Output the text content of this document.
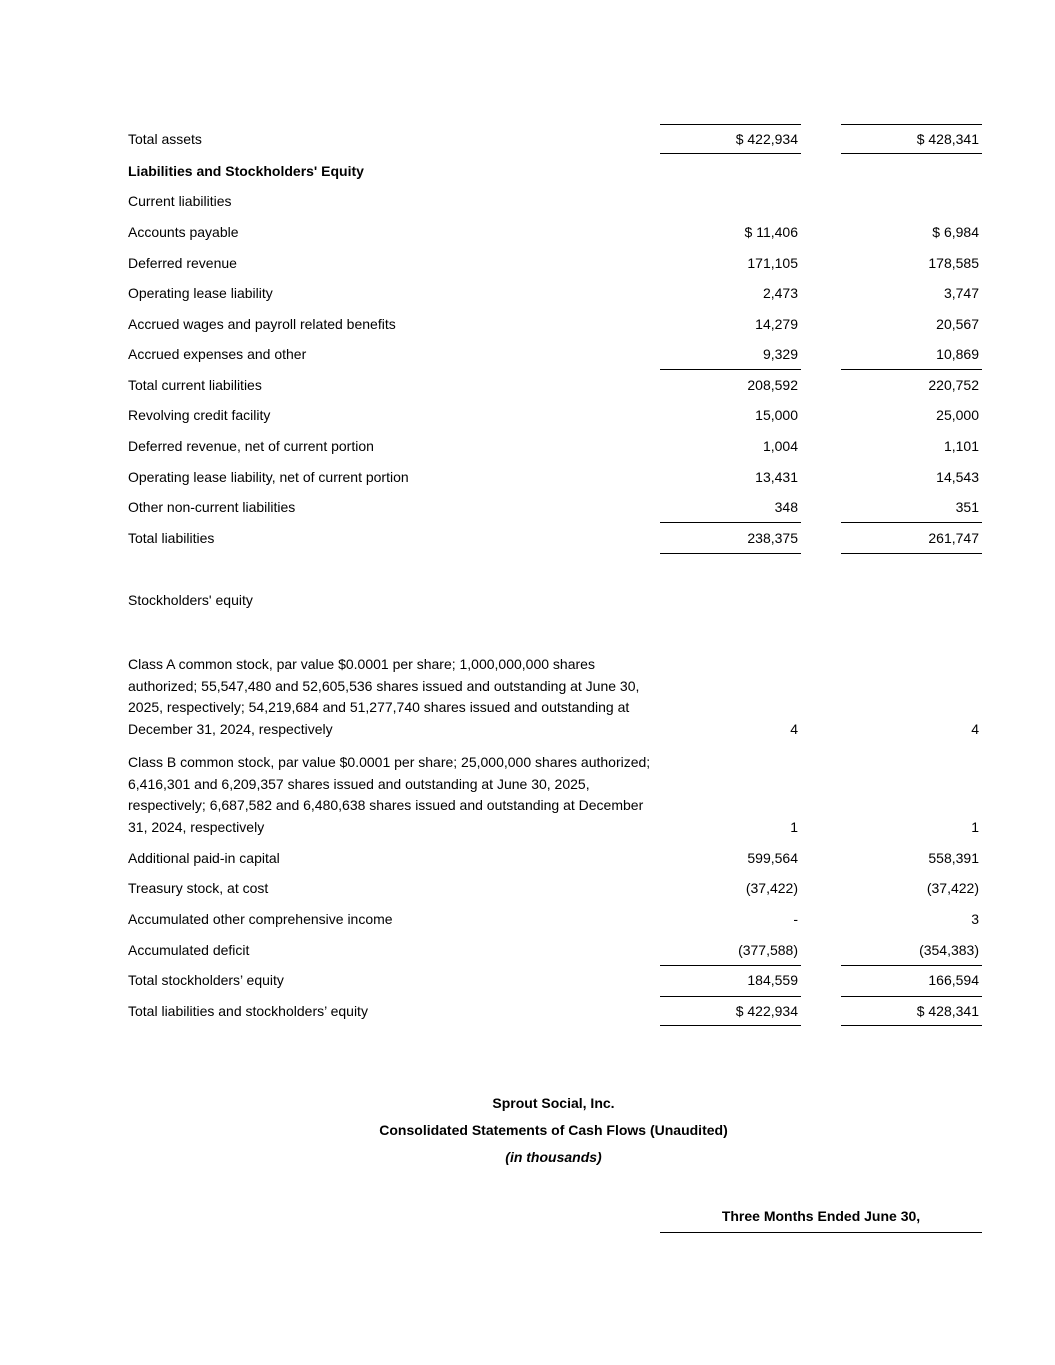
Total assets	$ 422,934	$ 428,341
Liabilities and Stockholders' Equity
Current liabilities
Accounts payable	$ 11,406	$ 6,984
Deferred revenue	171,105	178,585
Operating lease liability	2,473	3,747
Accrued wages and payroll related benefits	14,279	20,567
Accrued expenses and other	9,329	10,869
Total current liabilities	208,592	220,752
Revolving credit facility	15,000	25,000
Deferred revenue, net of current portion	1,004	1,101
Operating lease liability, net of current portion	13,431	14,543
Other non-current liabilities	348	351
Total liabilities	238,375	261,747
Stockholders' equity
Class A common stock, par value $0.0001 per share; 1,000,000,000 shares
authorized; 55,547,480 and 52,605,536 shares issued and outstanding at June 30,
2025, respectively; 54,219,684 and 51,277,740 shares issued and outstanding at
December 31, 2024, respectively	4	4
Class B common stock, par value $0.0001 per share; 25,000,000 shares authorized;
6,416,301 and 6,209,357 shares issued and outstanding at June 30, 2025,
respectively; 6,687,582 and 6,480,638 shares issued and outstanding at December
31, 2024, respectively	1	1
Additional paid-in capital	599,564	558,391
Treasury stock, at cost	(37,422)	(37,422)
Accumulated other comprehensive income	-	3
Accumulated deficit	(377,588)	(354,383)
Total stockholders’ equity	184,559	166,594
Total liabilities and stockholders’ equity	$ 422,934	$ 428,341
Sprout Social, Inc.
Consolidated Statements of Cash Flows (Unaudited)
(in thousands)
Three Months Ended June 30,
